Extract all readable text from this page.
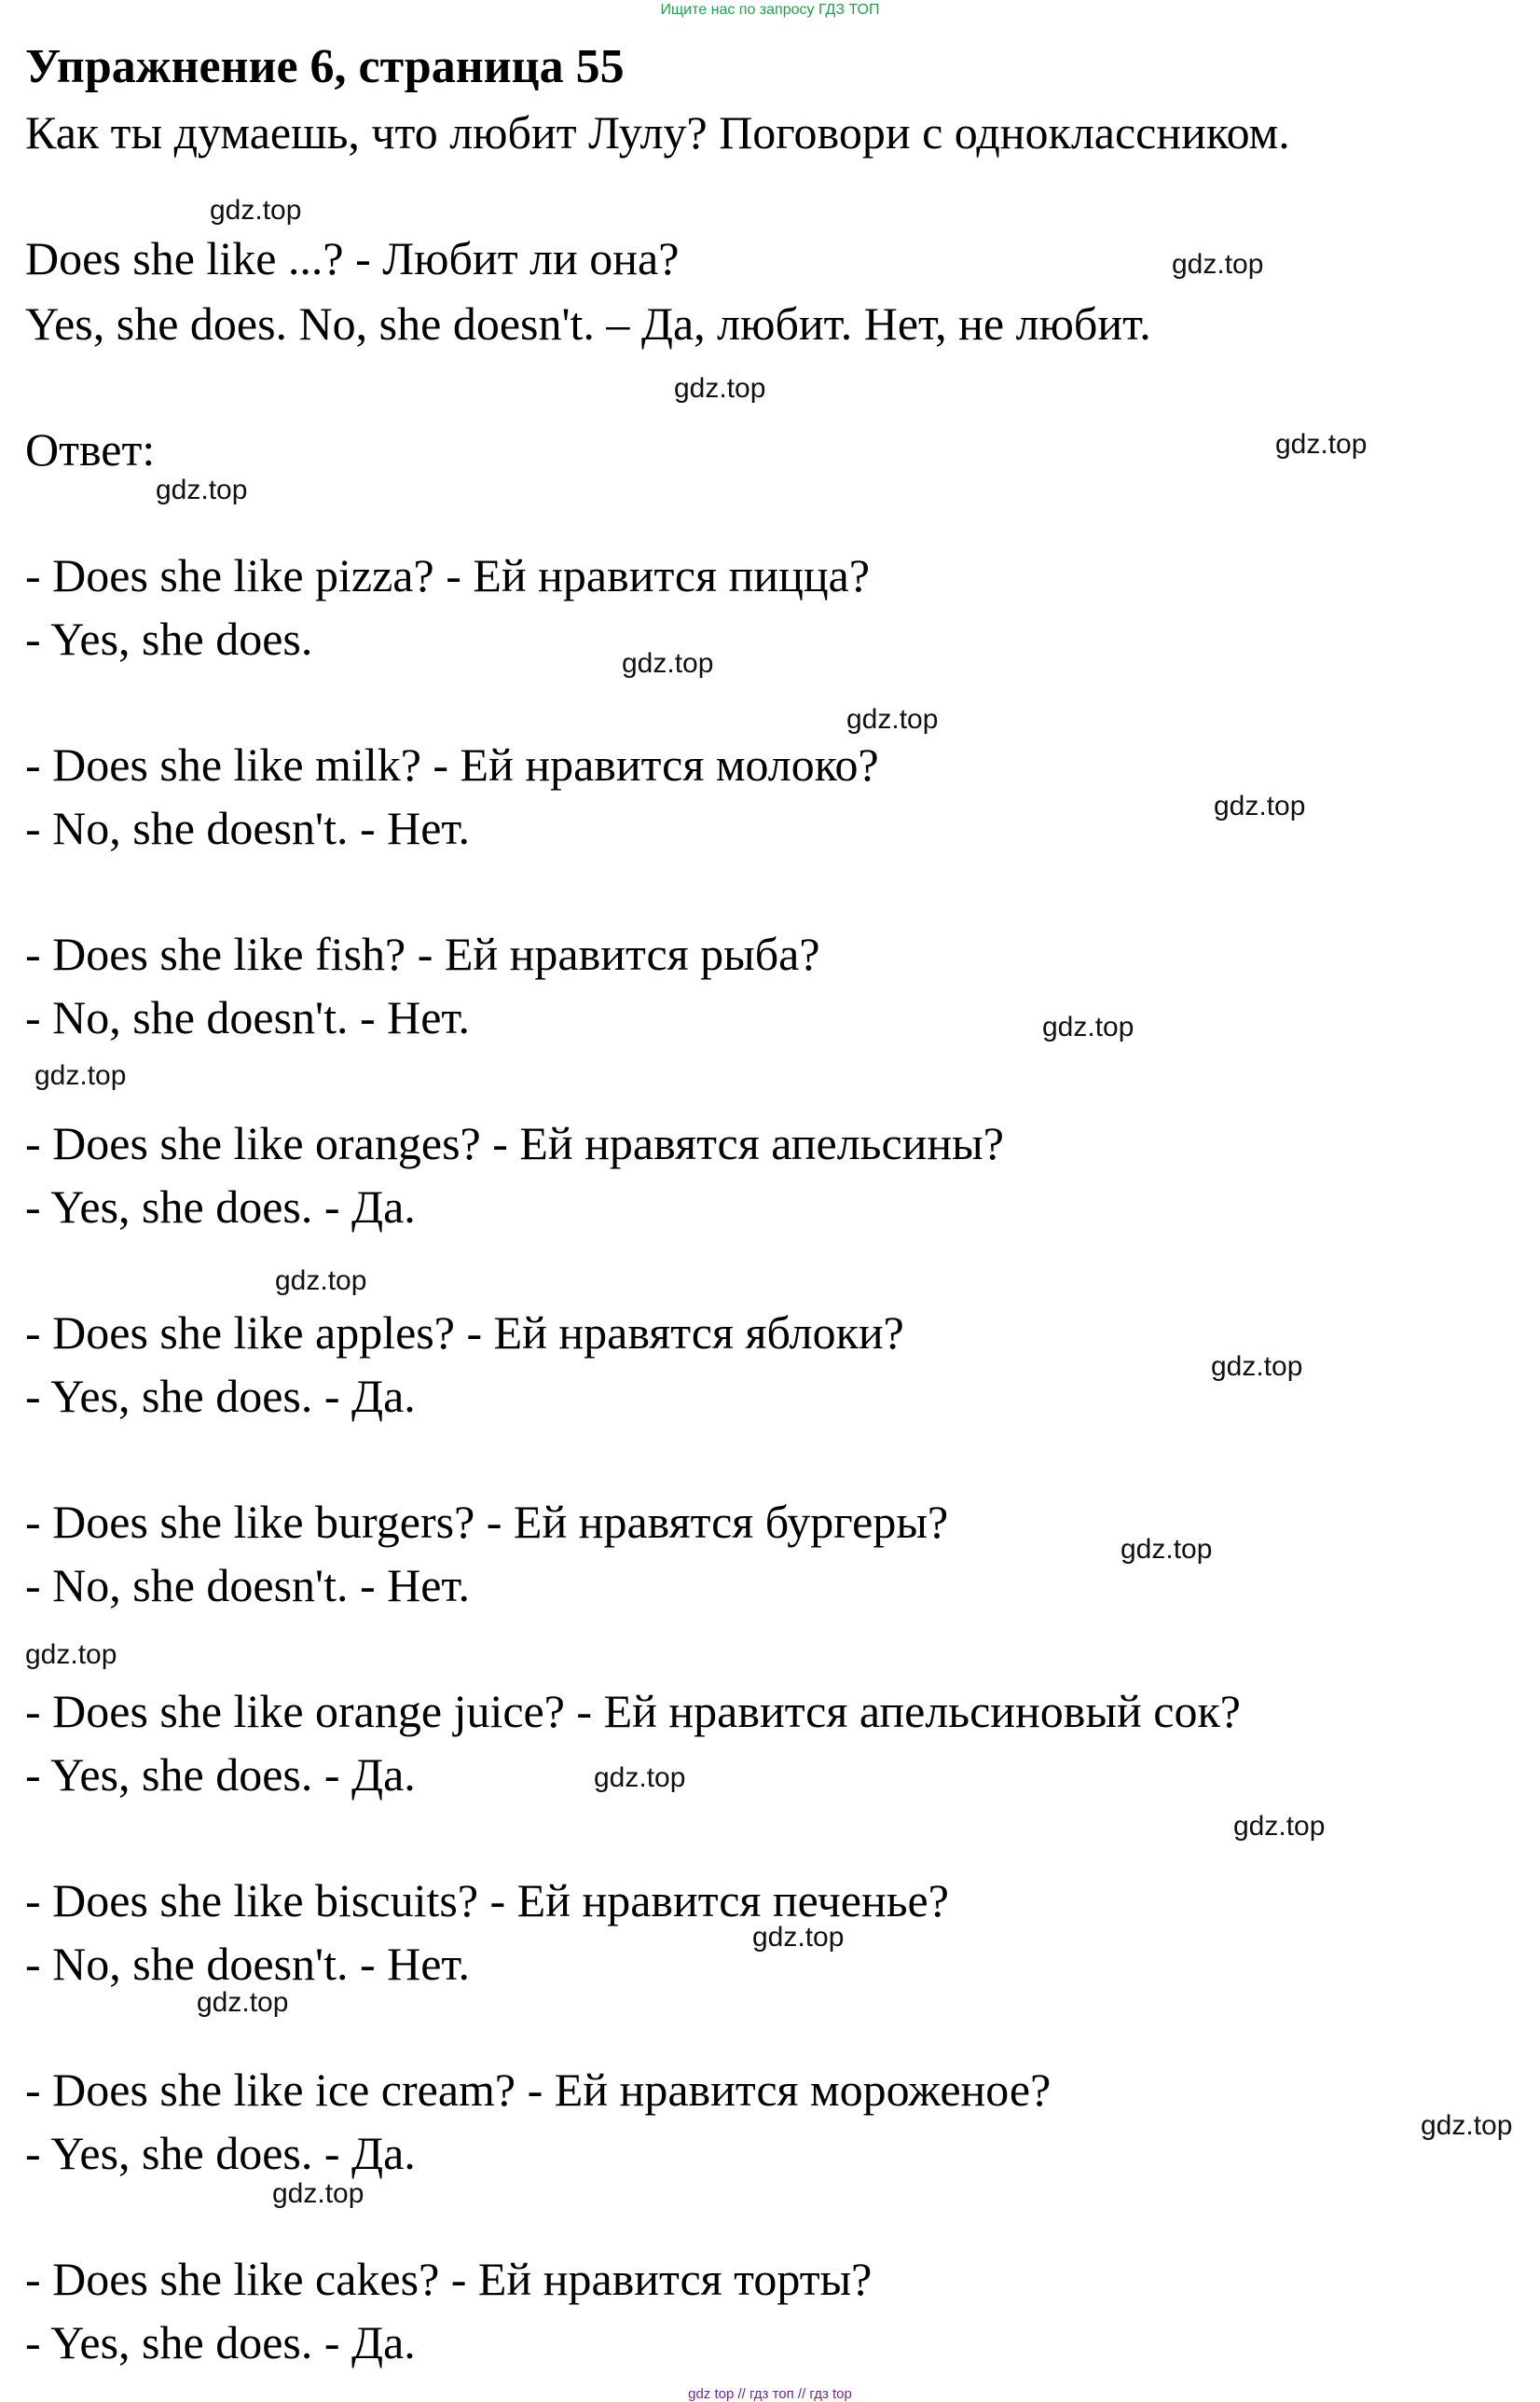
Ищите нас по запросу ГДЗ ТОП
Упражнение 6, страница 55
Как ты думаешь, что любит Лулу? Поговори с одноклассником.
Does she like ...? - Любит ли она?
Yes, she does. No, she doesn't. – Да, любит. Нет, не любит.
Ответ:
- Does she like pizza? - Ей нравится пицца?
- Yes, she does.
- Does she like milk? - Ей нравится молоко?
- No, she doesn't. - Нет.
- Does she like fish? - Ей нравится рыба?
- No, she doesn't. - Нет.
- Does she like oranges? - Ей нравятся апельсины?
- Yes, she does. - Да.
- Does she like apples? - Ей нравятся яблоки?
- Yes, she does. - Да.
- Does she like burgers? - Ей нравятся бургеры?
- No, she doesn't. - Нет.
- Does she like orange juice? - Ей нравится апельсиновый сок?
- Yes, she does. - Да.
- Does she like biscuits? - Ей нравится печенье?
- No, she doesn't. - Нет.
- Does she like ice cream? - Ей нравится мороженое?
- Yes, she does. - Да.
- Does she like cakes? - Ей нравится торты?
- Yes, she does. - Да.
gdz.top
gdz.top
gdz.top
gdz.top
gdz.top
gdz.top
gdz.top
gdz.top
gdz.top
gdz.top
gdz.top
gdz.top
gdz.top
gdz.top
gdz.top
gdz.top
gdz.top
gdz.top
gdz.top
gdz.top
gdz top // гдз топ // гдз top
